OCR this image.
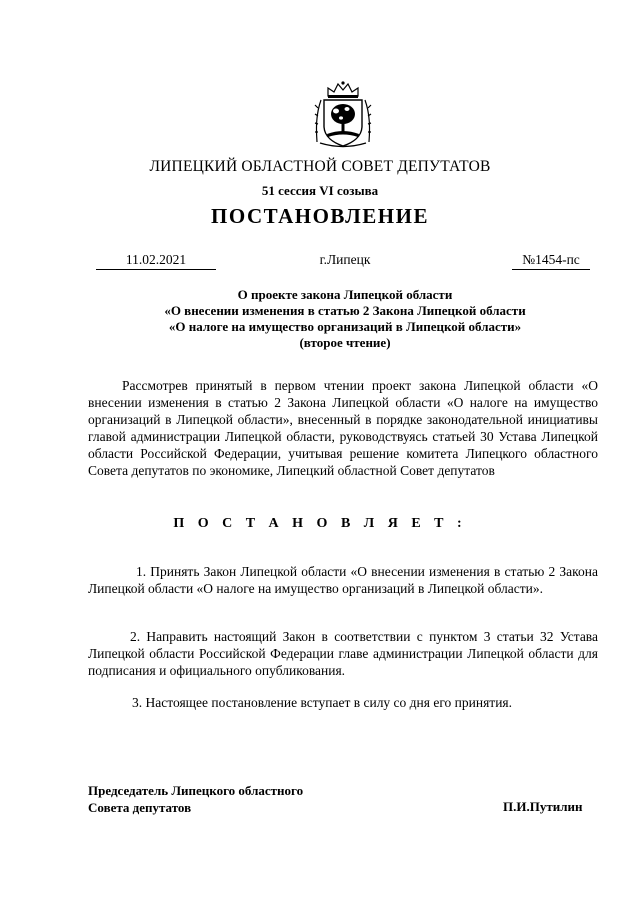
ЛИПЕЦКИЙ ОБЛАСТНОЙ СОВЕТ ДЕПУТАТОВ
51 сессия VI созыва
ПОСТАНОВЛЕНИЕ
11.02.2021	г.Липецк	№1454-пс
О проекте закона Липецкой области
«О внесении изменения в статью 2 Закона Липецкой области
«О налоге на имущество организаций в Липецкой области»
(второе чтение)
Рассмотрев принятый в первом чтении проект закона Липецкой области «О внесении изменения в статью 2 Закона Липецкой области «О налоге на имущество организаций в Липецкой области», внесенный в порядке законодательной инициативы главой администрации Липецкой области, руководствуясь статьей 30 Устава Липецкой области Российской Федерации, учитывая решение комитета Липецкого областного Совета депутатов по экономике, Липецкий областной Совет депутатов
П О С Т А Н О В Л Я Е Т :
1. Принять Закон Липецкой области «О внесении изменения в статью 2 Закона Липецкой области «О налоге на имущество организаций в Липецкой области».
2. Направить настоящий Закон в соответствии с пунктом 3 статьи 32 Устава Липецкой области Российской Федерации главе администрации Липецкой области для подписания и официального опубликования.
3. Настоящее постановление вступает в силу со дня его принятия.
Председатель Липецкого областного
Совета депутатов	П.И.Путилин
